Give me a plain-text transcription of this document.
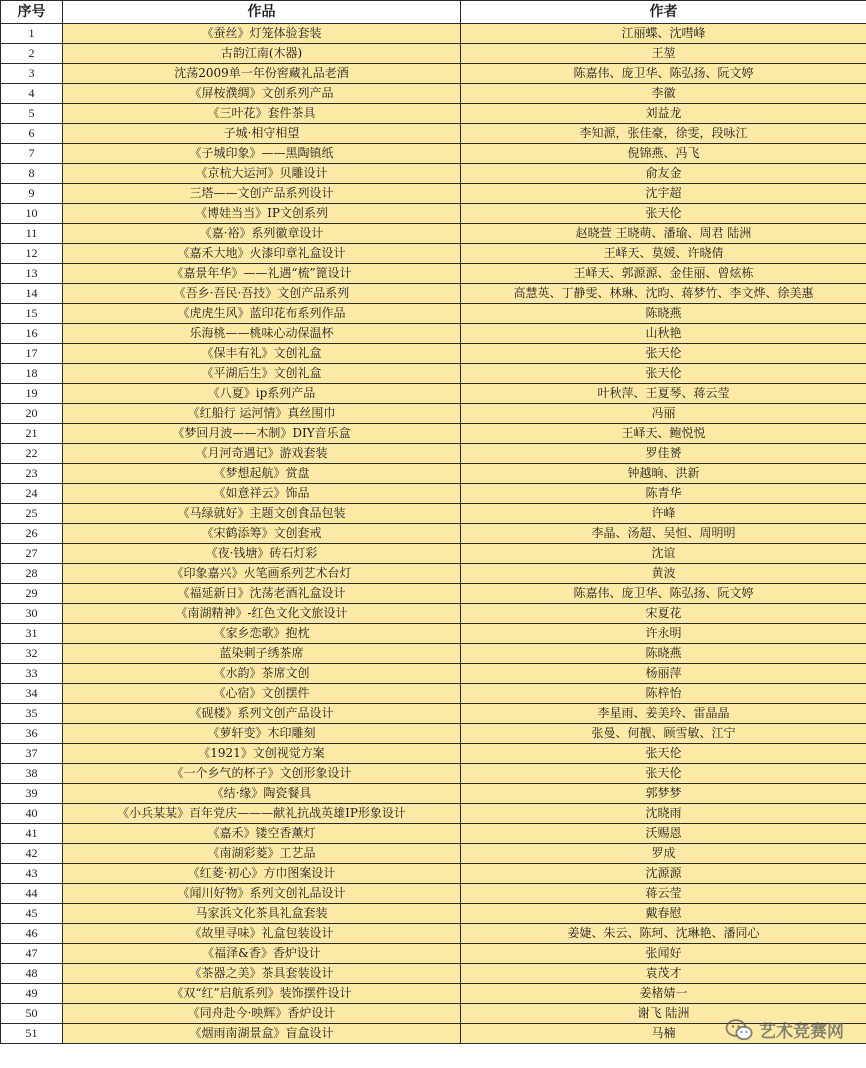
序号	作品	作者
1	《蚕丝》灯笼体验套装	江丽蝶、沈嘒峰
2	古韵江南(木器)	王堃
3	沈荡2009单一年份窖藏礼品老酒	陈嘉伟、庞卫华、陈弘扬、阮文婷
4	《屏桉濮绸》文创系列产品	李徽
5	《三叶花》套件茶具	刘益龙
6	子城·相守相望	李知源，张佳豪，徐雯，段咏江
7	《子城印象》——黑陶镇纸	倪锦燕、冯飞
8	《京杭大运河》贝雕设计	俞友金
9	三塔——文创产品系列设计	沈宇超
10	《博娃当当》IP文创系列	张天伦
11	《嘉·裕》系列徽章设计	赵晓萱 王晓萌、潘瑜、周君 陆洲
12	《嘉禾大地》火漆印章礼盒设计	王峄天、莫媛、许晓倩
13	《嘉景年华》——礼遇“梳”篦设计	王峄天、郭源源、金佳丽、曾炫栋
14	《吾乡·吾民·吾技》文创产品系列	高慧英、丁静雯、林琳、沈昀、蒋梦竹、李文烨、徐美惠
15	《虎虎生风》蓝印花布系列作品	陈晓燕
16	乐海桃——桃味心动保温杯	山秋艳
17	《保丰有礼》文创礼盒	张天伦
18	《平湖后生》文创礼盒	张天伦
19	《八夏》ip系列产品	叶秋萍、王夏琴、蒋云莹
20	《红船行 运河情》真丝围巾	冯丽
21	《梦回月波——木制》DIY音乐盒	王峄天、鲍悦悦
22	《月河奇遇记》游戏套装	罗佳赟
23	《梦想起航》赏盘	钟越晌、洪新
24	《如意祥云》饰品	陈青华
25	《马绿就好》主题文创食品包装	许峰
26	《宋鹤添筹》文创套戒	李晶、汤超、吴恒、周明明
27	《夜·钱塘》砖石灯彩	沈谊
28	《印象嘉兴》火笔画系列艺术台灯	黄波
29	《福延新日》沈荡老酒礼盒设计	陈嘉伟、庞卫华、陈弘扬、阮文婷
30	《南湖精神》-红色文化文旅设计	宋夏花
31	《家乡恋歌》抱枕	许永明
32	蓝染刺子绣茶席	陈晓燕
33	《水韵》茶席文创	杨丽萍
34	《心宿》文创摆件	陈梓怡
35	《砚楼》系列文创产品设计	李星雨、姜美玲、雷晶晶
36	《萝轩变》木印雕刻	张曼、何靓、顾雪敏、江宁
37	《1921》文创视觉方案	张天伦
38	《一个乡气的杯子》文创形象设计	张天伦
39	《结·缘》陶瓷餐具	郭梦梦
40	《小兵某某》百年党庆———献礼抗战英雄IP形象设计	沈晓雨
41	《嘉禾》镂空香薰灯	沃赐恩
42	《南湖彩菱》工艺品	罗成
43	《红菱·初心》方巾图案设计	沈源源
44	《闻川好物》系列文创礼品设计	蒋云莹
45	马家浜文化茶具礼盒套装	戴春慰
46	《故里寻味》礼盒包装设计	姜婕、朱云、陈珂、沈琳艳、潘同心
47	《福泽&香》香炉设计	张闻好
48	《茶器之美》茶具套装设计	袁茂才
49	《双“红”启航系列》装饰摆件设计	姜楮婧一
50	《同舟赴今·映辉》香炉设计	谢飞 陆洲
51	《烟雨南湖景盒》盲盒设计	马楠	艺术竞赛网
